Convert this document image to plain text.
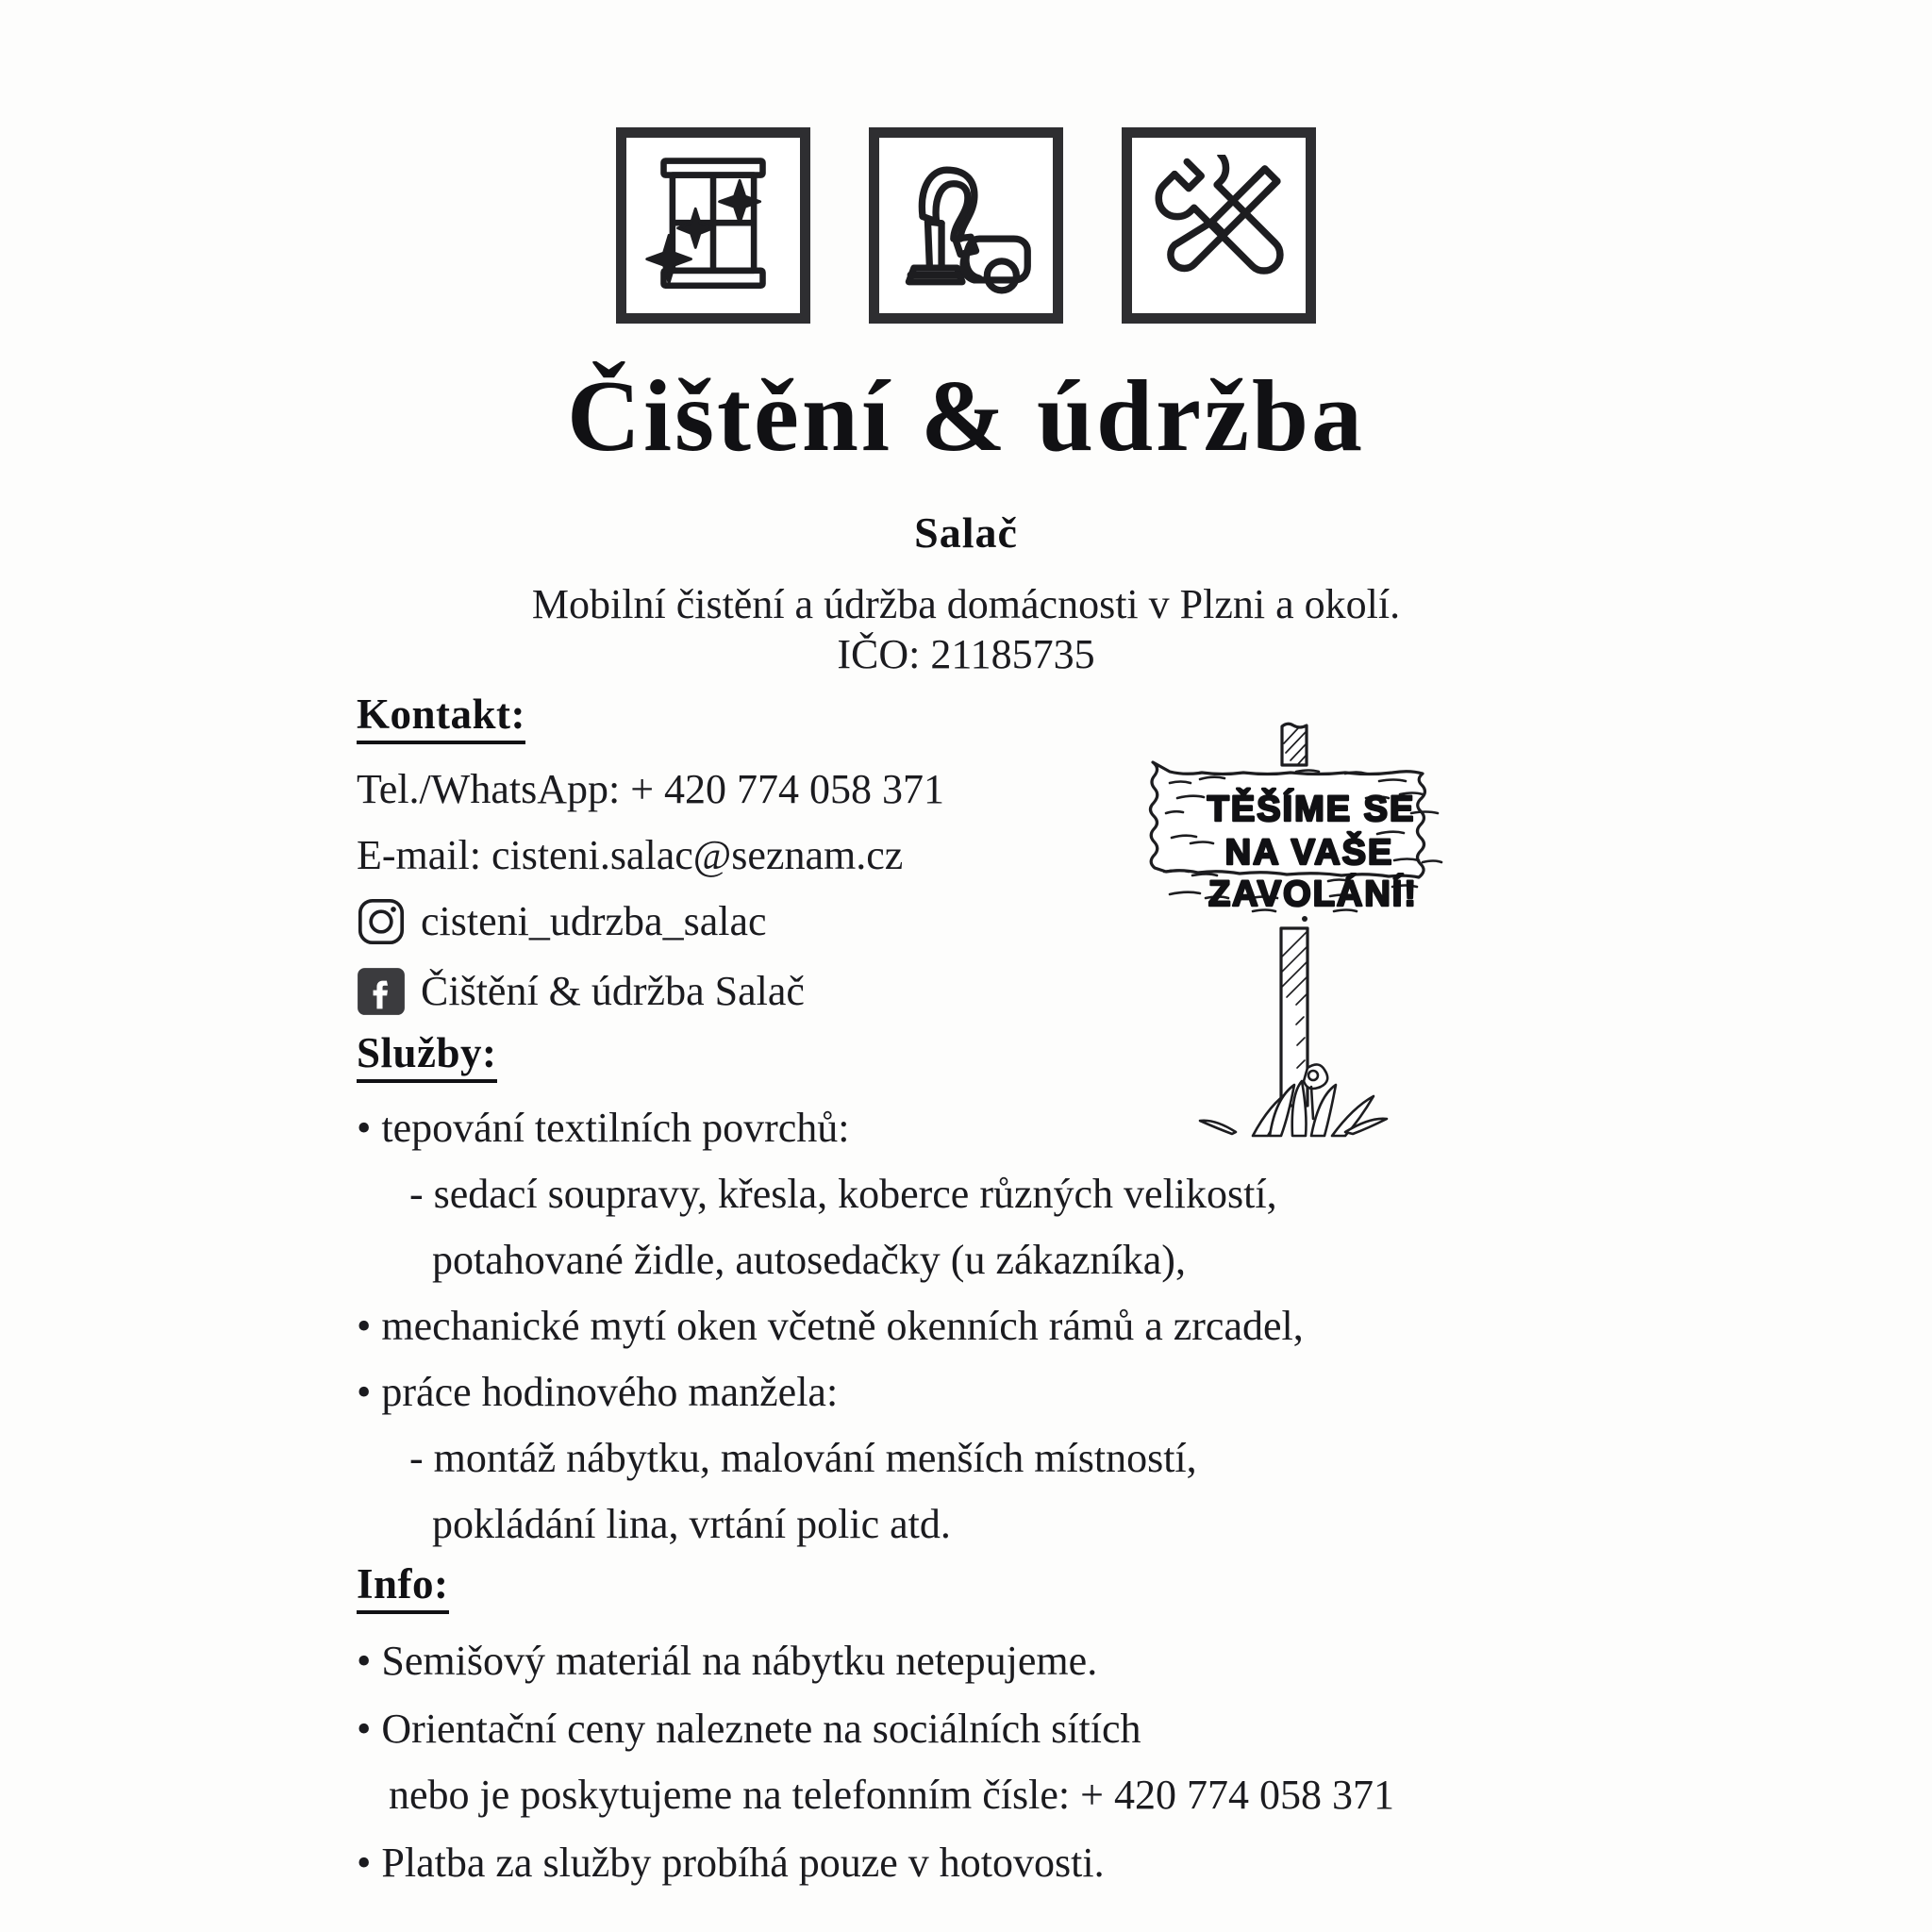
Čištění & údržba
Salač
Mobilní čistění a údržba domácnosti v Plzni a okolí.
IČO: 21185735
Kontakt:
Tel./WhatsApp: + 420 774 058 371
E-mail: cisteni.salac@seznam.cz
cisteni_udrzba_salac
Čištění & údržba Salač
Služby:
• tepování textilních povrchů:
- sedací soupravy, křesla, koberce různých velikostí,
potahované židle, autosedačky (u zákazníka),
• mechanické mytí oken včetně okenních rámů a zrcadel,
• práce hodinového manžela:
- montáž nábytku, malování menších místností,
pokládání lina, vrtání polic atd.
Info:
• Semišový materiál na nábytku netepujeme.
• Orientační ceny naleznete na sociálních sítích
nebo je poskytujeme na telefonním čísle: + 420 774 058 371
• Platba za služby probíhá pouze v hotovosti.
TĚŠÍME SE
NA VAŠE
ZAVOLÁNÍ!
